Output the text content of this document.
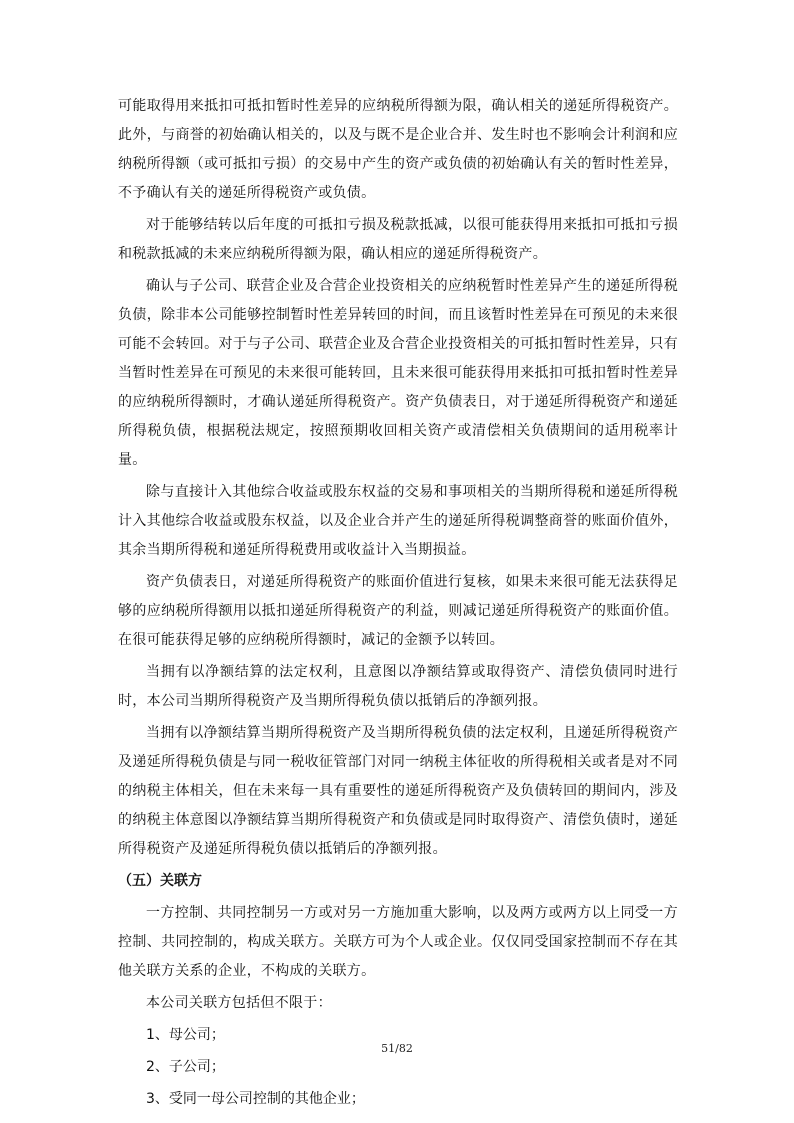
可能取得用来抵扣可抵扣暂时性差异的应纳税所得额为限，确认相关的递延所得税资产。此外，与商誉的初始确认相关的，以及与既不是企业合并、发生时也不影响会计利润和应纳税所得额（或可抵扣亏损）的交易中产生的资产或负债的初始确认有关的暂时性差异，不予确认有关的递延所得税资产或负债。

对于能够结转以后年度的可抵扣亏损及税款抵减，以很可能获得用来抵扣可抵扣亏损和税款抵减的未来应纳税所得额为限，确认相应的递延所得税资产。

确认与子公司、联营企业及合营企业投资相关的应纳税暂时性差异产生的递延所得税负债，除非本公司能够控制暂时性差异转回的时间，而且该暂时性差异在可预见的未来很可能不会转回。对于与子公司、联营企业及合营企业投资相关的可抵扣暂时性差异，只有当暂时性差异在可预见的未来很可能转回，且未来很可能获得用来抵扣可抵扣暂时性差异的应纳税所得额时，才确认递延所得税资产。资产负债表日，对于递延所得税资产和递延所得税负债，根据税法规定，按照预期收回相关资产或清偿相关负债期间的适用税率计量。

除与直接计入其他综合收益或股东权益的交易和事项相关的当期所得税和递延所得税计入其他综合收益或股东权益，以及企业合并产生的递延所得税调整商誉的账面价值外，其余当期所得税和递延所得税费用或收益计入当期损益。

资产负债表日，对递延所得税资产的账面价值进行复核，如果未来很可能无法获得足够的应纳税所得额用以抵扣递延所得税资产的利益，则减记递延所得税资产的账面价值。在很可能获得足够的应纳税所得额时，减记的金额予以转回。

当拥有以净额结算的法定权利，且意图以净额结算或取得资产、清偿负债同时进行时，本公司当期所得税资产及当期所得税负债以抵销后的净额列报。

当拥有以净额结算当期所得税资产及当期所得税负债的法定权利，且递延所得税资产及递延所得税负债是与同一税收征管部门对同一纳税主体征收的所得税相关或者是对不同的纳税主体相关，但在未来每一具有重要性的递延所得税资产及负债转回的期间内，涉及的纳税主体意图以净额结算当期所得税资产和负债或是同时取得资产、清偿负债时，递延所得税资产及递延所得税负债以抵销后的净额列报。

（五）关联方

一方控制、共同控制另一方或对另一方施加重大影响，以及两方或两方以上同受一方控制、共同控制的，构成关联方。关联方可为个人或企业。仅仅同受国家控制而不存在其他关联方关系的企业，不构成的关联方。

本公司关联方包括但不限于：

1、母公司；
2、子公司；
3、受同一母公司控制的其他企业；
51/82
